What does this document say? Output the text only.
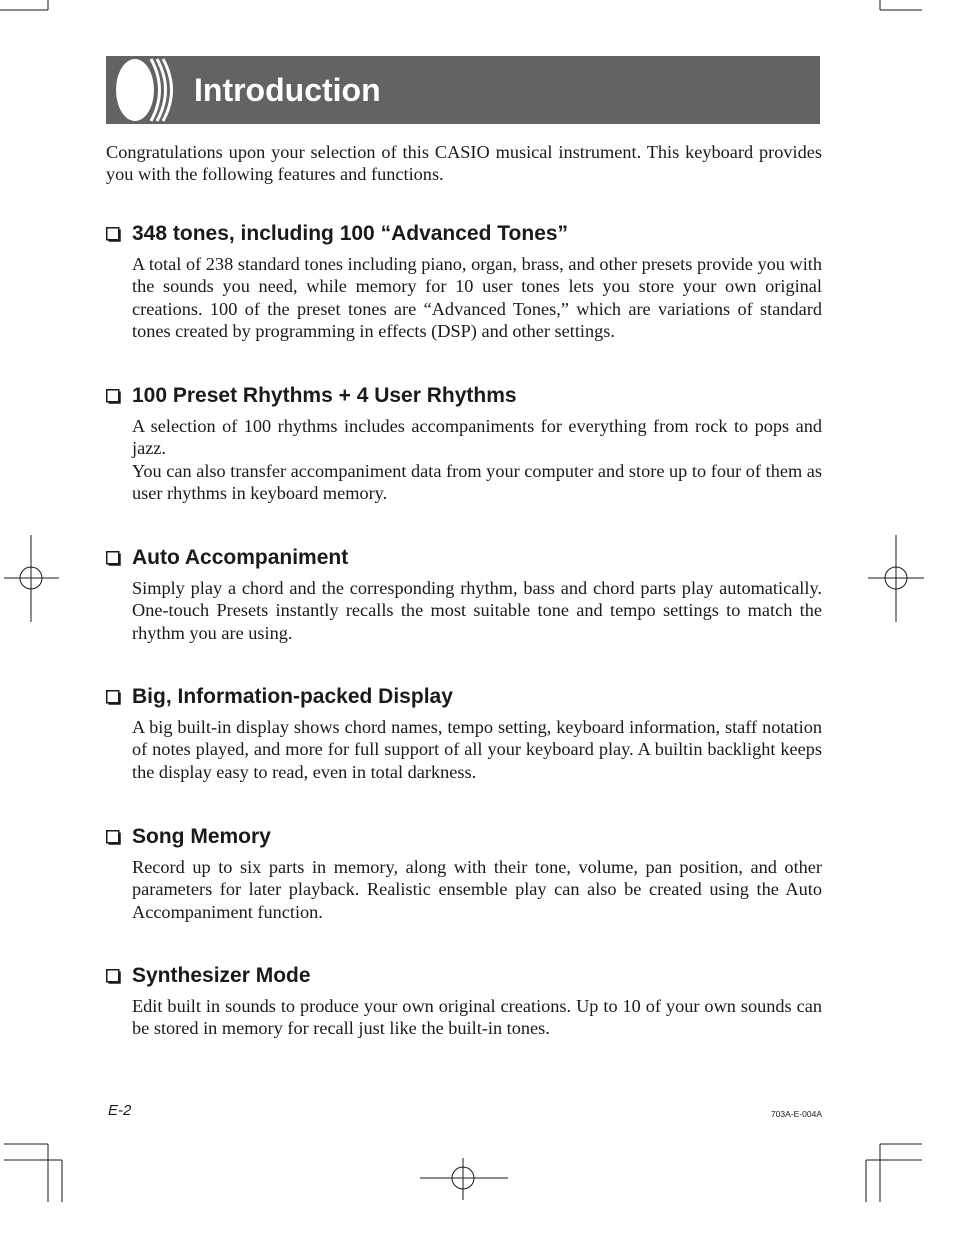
Introduction

Congratulations upon your selection of this CASIO musical instrument. This keyboard provides you with the following features and functions.

348 tones, including 100 “Advanced Tones”

A total of 238 standard tones including piano, organ, brass, and other presets provide you with the sounds you need, while memory for 10 user tones lets you store your own original creations. 100 of the preset tones are “Advanced Tones,” which are variations of standard tones created by programming in effects (DSP) and other settings.

100 Preset Rhythms + 4 User Rhythms

A selection of 100 rhythms includes accompaniments for everything from rock to pops and jazz.

You can also transfer accompaniment data from your computer and store up to four of them as user rhythms in keyboard memory.

Auto Accompaniment

Simply play a chord and the corresponding rhythm, bass and chord parts play automatically. One-touch Presets instantly recalls the most suitable tone and tempo settings to match the rhythm you are using.

Big, Information-packed Display

A big built-in display shows chord names, tempo setting, keyboard information, staff notation of notes played, and more for full support of all your keyboard play. A builtin backlight keeps the display easy to read, even in total darkness.

Song Memory

Record up to six parts in memory, along with their tone, volume, pan position, and other parameters for later playback. Realistic ensemble play can also be created using the Auto Accompaniment function.

Synthesizer Mode

Edit built in sounds to produce your own original creations. Up to 10 of your own sounds can be stored in memory for recall just like the built-in tones.

E-2	703A-E-004A
